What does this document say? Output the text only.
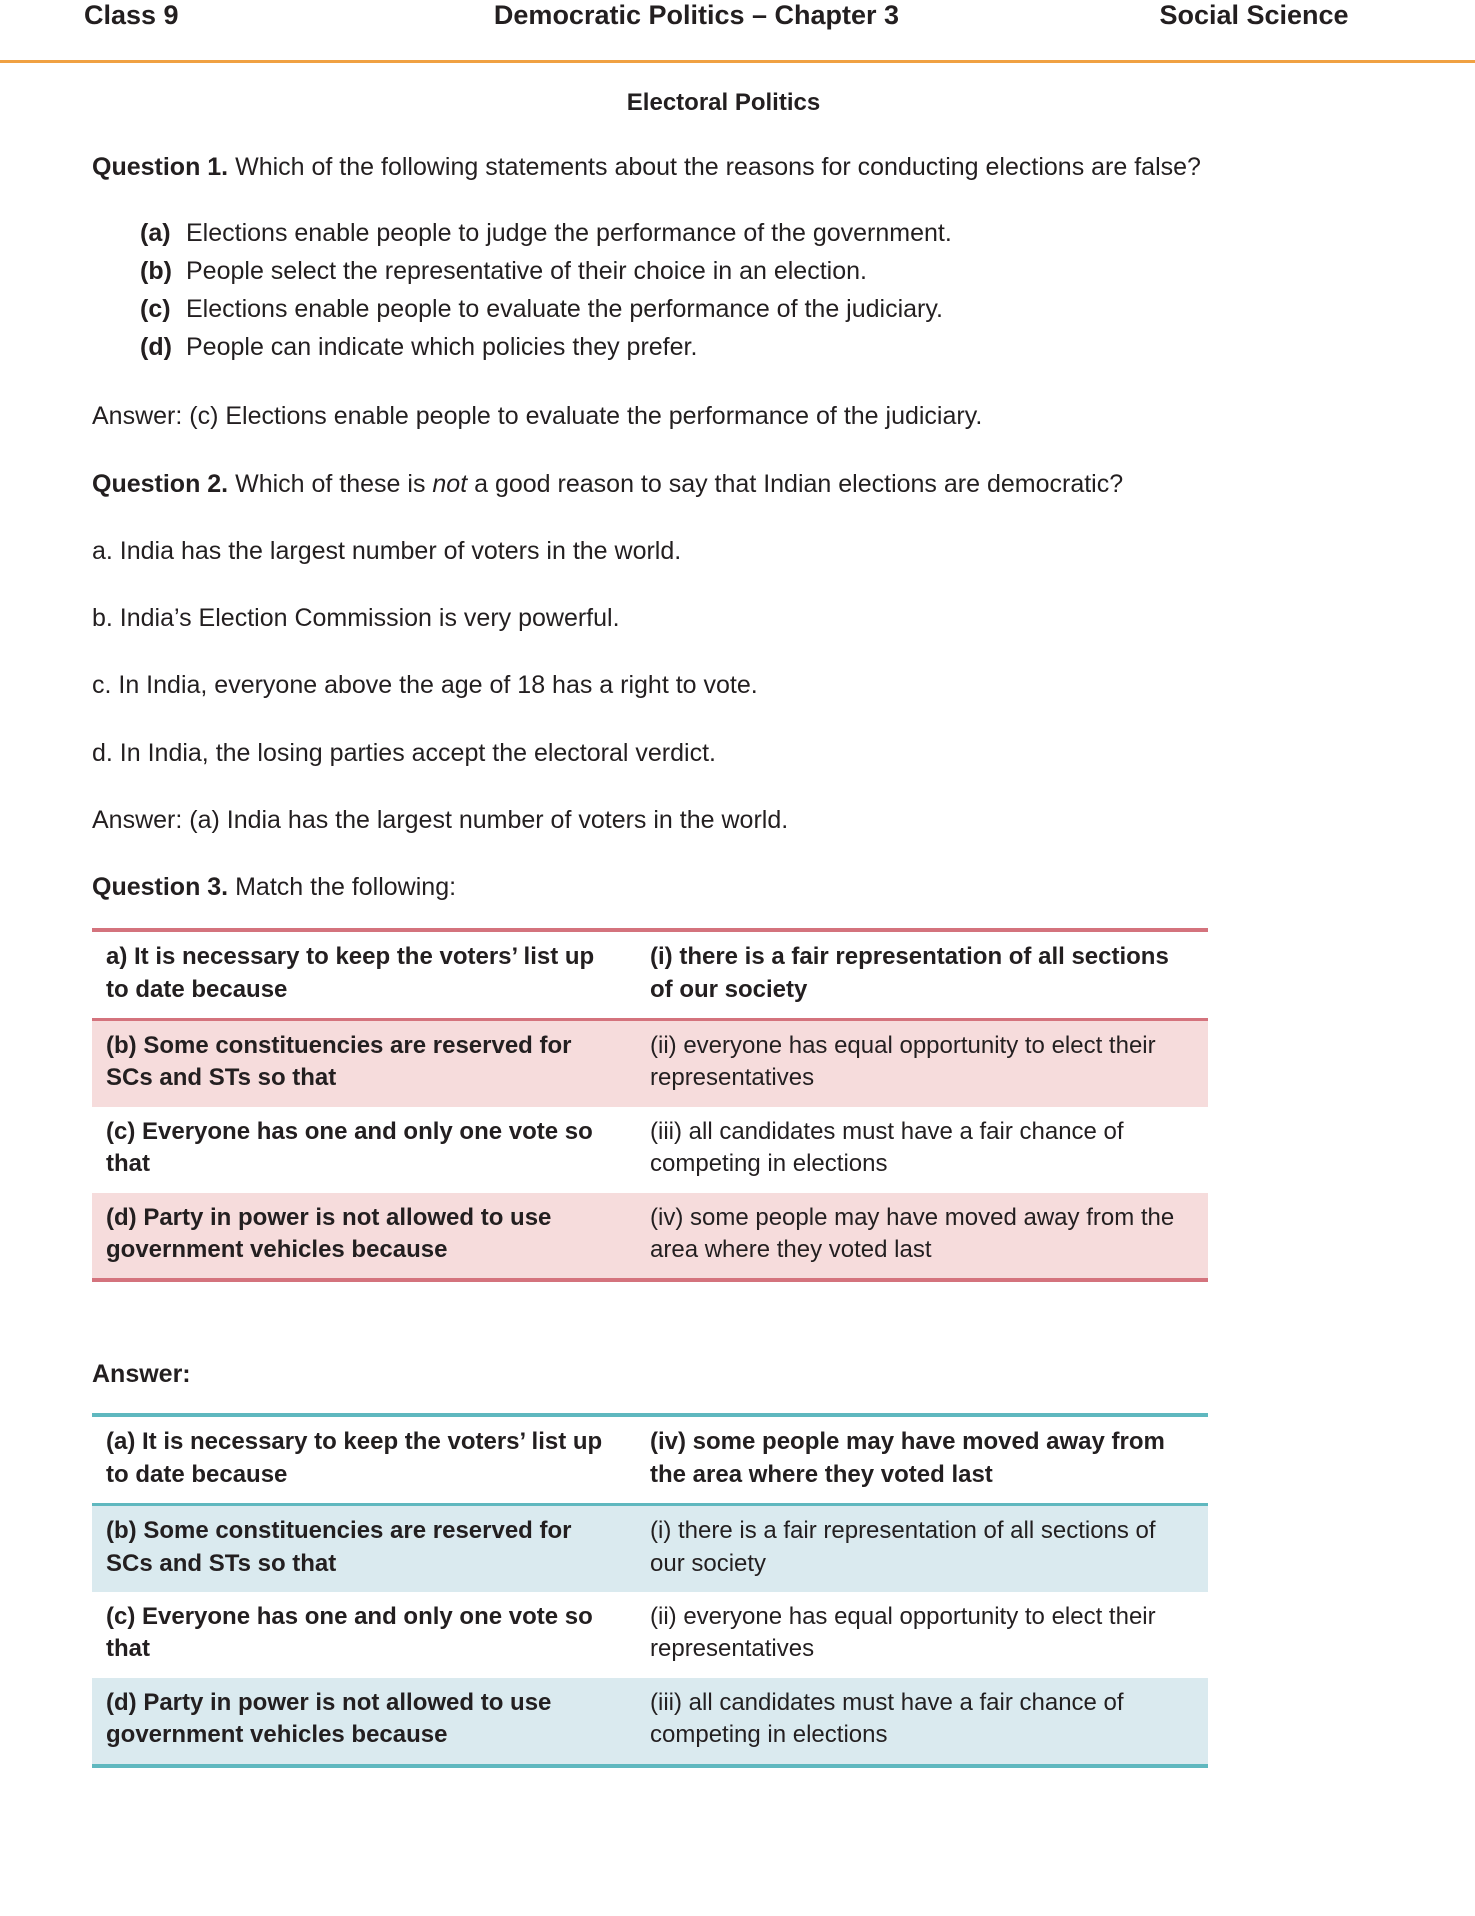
Class 9	Democratic Politics – Chapter 3	Social Science
Electoral Politics

Question 1. Which of the following statements about the reasons for conducting elections are false?

(a) Elections enable people to judge the performance of the government.
(b) People select the representative of their choice in an election.
(c) Elections enable people to evaluate the performance of the judiciary.
(d) People can indicate which policies they prefer.

Answer: (c) Elections enable people to evaluate the performance of the judiciary.

Question 2. Which of these is not a good reason to say that Indian elections are democratic?

a. India has the largest number of voters in the world.

b. India’s Election Commission is very powerful.

c. In India, everyone above the age of 18 has a right to vote.

d. In India, the losing parties accept the electoral verdict.

Answer: (a) India has the largest number of voters in the world.

Question 3. Match the following:

a) It is necessary to keep the voters’ list up to date because	(i) there is a fair representation of all sections of our society
(b) Some constituencies are reserved for SCs and STs so that	(ii) everyone has equal opportunity to elect their representatives
(c) Everyone has one and only one vote so that	(iii) all candidates must have a fair chance of competing in elections
(d) Party in power is not allowed to use government vehicles because	(iv) some people may have moved away from the area where they voted last

Answer:

(a) It is necessary to keep the voters’ list up to date because	(iv) some people may have moved away from the area where they voted last
(b) Some constituencies are reserved for SCs and STs so that	(i) there is a fair representation of all sections of our society
(c) Everyone has one and only one vote so that	(ii) everyone has equal opportunity to elect their representatives
(d) Party in power is not allowed to use government vehicles because	(iii) all candidates must have a fair chance of competing in elections
